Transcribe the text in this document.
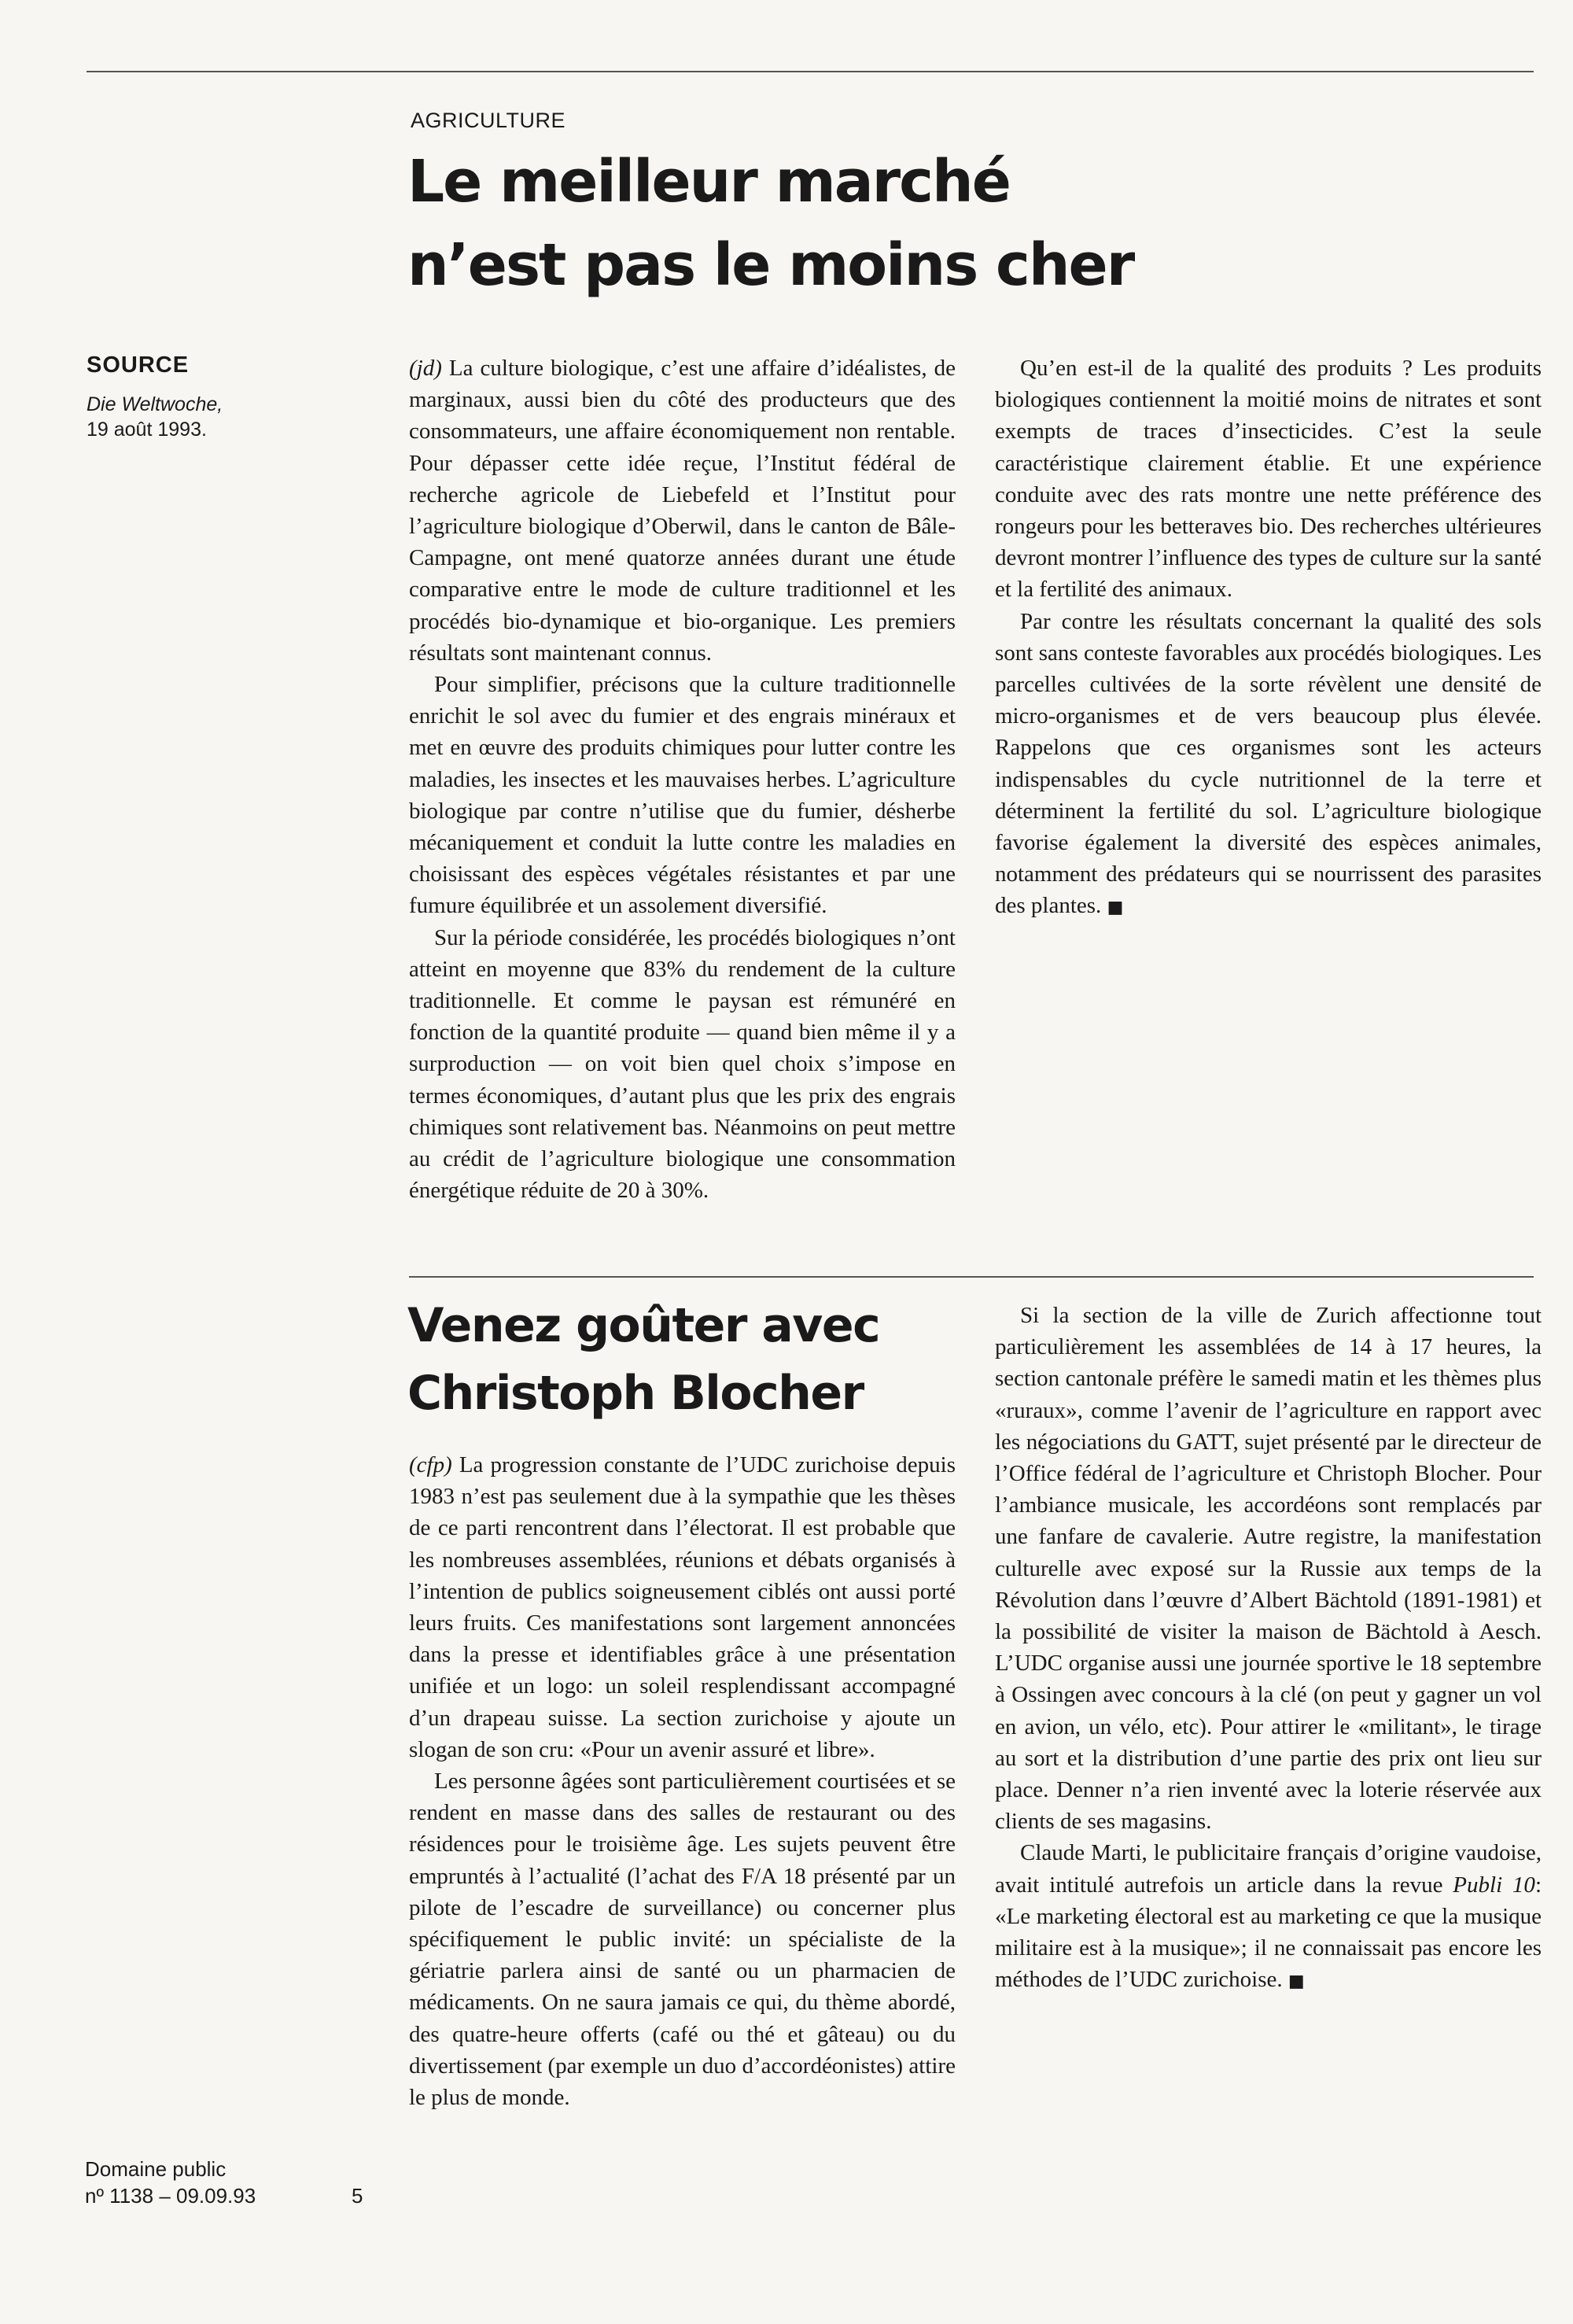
AGRICULTURE
Le meilleur marché
n’est pas le moins cher
SOURCE
Die Weltwoche,
19 août 1993.

(jd) La culture biologique, c’est une affaire d’idéalistes, de marginaux, aussi bien du côté des producteurs que des consommateurs, une affaire économiquement non rentable. Pour dépasser cette idée reçue, l’Institut fédéral de recherche agricole de Liebefeld et l’Institut pour l’agriculture biologique d’Oberwil, dans le canton de Bâle-Campagne, ont mené quatorze années durant une étude comparative entre le mode de culture traditionnel et les procédés bio-dynamique et bio-organique. Les premiers résultats sont maintenant connus.

Pour simplifier, précisons que la culture traditionnelle enrichit le sol avec du fumier et des engrais minéraux et met en œuvre des produits chimiques pour lutter contre les maladies, les insectes et les mauvaises herbes. L’agriculture biologique par contre n’utilise que du fumier, désherbe mécaniquement et conduit la lutte contre les maladies en choisissant des espèces végétales résistantes et par une fumure équilibrée et un assolement diversifié.

Sur la période considérée, les procédés biologiques n’ont atteint en moyenne que 83% du rendement de la culture traditionnelle. Et comme le paysan est rémunéré en fonction de la quantité produite — quand bien même il y a surproduction — on voit bien quel choix s’impose en termes économiques, d’autant plus que les prix des engrais chimiques sont relativement bas. Néanmoins on peut mettre au crédit de l’agriculture biologique une consommation énergétique réduite de 20 à 30%.

Qu’en est-il de la qualité des produits ? Les produits biologiques contiennent la moitié moins de nitrates et sont exempts de traces d’insecticides. C’est la seule caractéristique clairement établie. Et une expérience conduite avec des rats montre une nette préférence des rongeurs pour les betteraves bio. Des recherches ultérieures devront montrer l’influence des types de culture sur la santé et la fertilité des animaux.

Par contre les résultats concernant la qualité des sols sont sans conteste favorables aux procédés biologiques. Les parcelles cultivées de la sorte révèlent une densité de micro-organismes et de vers beaucoup plus élevée. Rappelons que ces organismes sont les acteurs indispensables du cycle nutritionnel de la terre et déterminent la fertilité du sol. L’agriculture biologique favorise également la diversité des espèces animales, notamment des prédateurs qui se nourrissent des parasites des plantes. ■

Venez goûter avec
Christoph Blocher

(cfp) La progression constante de l’UDC zurichoise depuis 1983 n’est pas seulement due à la sympathie que les thèses de ce parti rencontrent dans l’électorat. Il est probable que les nombreuses assemblées, réunions et débats organisés à l’intention de publics soigneusement ciblés ont aussi porté leurs fruits. Ces manifestations sont largement annoncées dans la presse et identifiables grâce à une présentation unifiée et un logo: un soleil resplendissant accompagné d’un drapeau suisse. La section zurichoise y ajoute un slogan de son cru: «Pour un avenir assuré et libre».

Les personne âgées sont particulièrement courtisées et se rendent en masse dans des salles de restaurant ou des résidences pour le troisième âge. Les sujets peuvent être empruntés à l’actualité (l’achat des F/A 18 présenté par un pilote de l’escadre de surveillance) ou concerner plus spécifiquement le public invité: un spécialiste de la gériatrie parlera ainsi de santé ou un pharmacien de médicaments. On ne saura jamais ce qui, du thème abordé, des quatre-heure offerts (café ou thé et gâteau) ou du divertissement (par exemple un duo d’accordéonistes) attire le plus de monde.

Si la section de la ville de Zurich affectionne tout particulièrement les assemblées de 14 à 17 heures, la section cantonale préfère le samedi matin et les thèmes plus «ruraux», comme l’avenir de l’agriculture en rapport avec les négociations du GATT, sujet présenté par le directeur de l’Office fédéral de l’agriculture et Christoph Blocher. Pour l’ambiance musicale, les accordéons sont remplacés par une fanfare de cavalerie. Autre registre, la manifestation culturelle avec exposé sur la Russie aux temps de la Révolution dans l’œuvre d’Albert Bächtold (1891-1981) et la possibilité de visiter la maison de Bächtold à Aesch. L’UDC organise aussi une journée sportive le 18 septembre à Ossingen avec concours à la clé (on peut y gagner un vol en avion, un vélo, etc). Pour attirer le «militant», le tirage au sort et la distribution d’une partie des prix ont lieu sur place. Denner n’a rien inventé avec la loterie réservée aux clients de ses magasins.

Claude Marti, le publicitaire français d’origine vaudoise, avait intitulé autrefois un article dans la revue Publi 10: «Le marketing électoral est au marketing ce que la musique militaire est à la musique»; il ne connaissait pas encore les méthodes de l’UDC zurichoise. ■

Domaine public
nº 1138 – 09.09.93	5
